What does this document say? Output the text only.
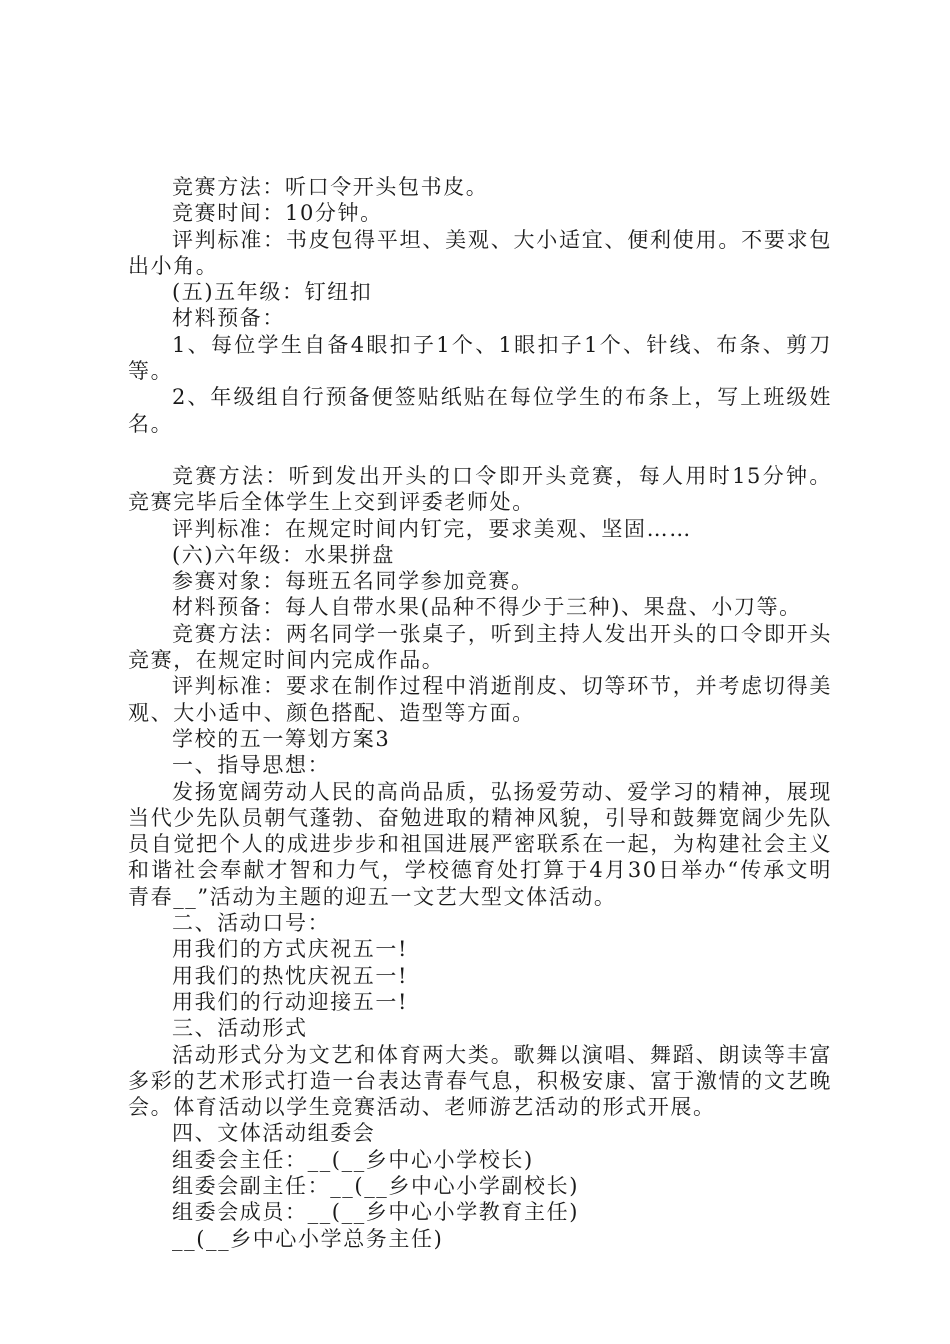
竞赛方法：听口令开头包书皮。

竞赛时间：10分钟。

评判标准：书皮包得平坦、美观、大小适宜、便利使用。不要求包出小角。

(五)五年级：钉纽扣

材料预备：

1、每位学生自备4眼扣子1个、1眼扣子1个、针线、布条、剪刀等。

2、年级组自行预备便签贴纸贴在每位学生的布条上，写上班级姓名。

竞赛方法：听到发出开头的口令即开头竞赛，每人用时15分钟。竞赛完毕后全体学生上交到评委老师处。

评判标准：在规定时间内钉完，要求美观、坚固……

(六)六年级：水果拼盘

参赛对象：每班五名同学参加竞赛。

材料预备：每人自带水果(品种不得少于三种)、果盘、小刀等。

竞赛方法：两名同学一张桌子，听到主持人发出开头的口令即开头竞赛，在规定时间内完成作品。

评判标准：要求在制作过程中消逝削皮、切等环节，并考虑切得美观、大小适中、颜色搭配、造型等方面。

学校的五一筹划方案3

一、指导思想：

发扬宽阔劳动人民的高尚品质，弘扬爱劳动、爱学习的精神，展现当代少先队员朝气蓬勃、奋勉进取的精神风貌，引导和鼓舞宽阔少先队员自觉把个人的成进步步和祖国进展严密联系在一起，为构建社会主义和谐社会奉献才智和力气，学校德育处打算于4月30日举办“传承文明 青春__”活动为主题的迎五一文艺大型文体活动。

二、活动口号：

用我们的方式庆祝五一!

用我们的热忱庆祝五一!

用我们的行动迎接五一!

三、活动形式

活动形式分为文艺和体育两大类。歌舞以演唱、舞蹈、朗读等丰富多彩的艺术形式打造一台表达青春气息，积极安康、富于激情的文艺晚会。体育活动以学生竞赛活动、老师游艺活动的形式开展。

四、文体活动组委会

组委会主任：__(__乡中心小学校长)

组委会副主任：__(__乡中心小学副校长)

组委会成员：__(__乡中心小学教育主任)

__(__乡中心小学总务主任)
